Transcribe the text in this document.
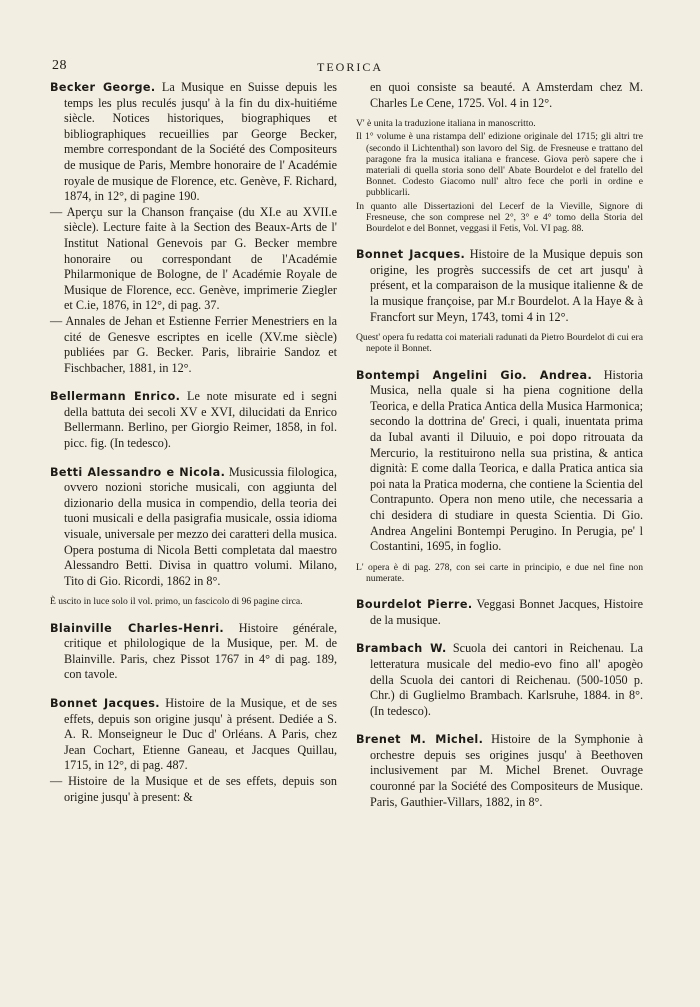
28	TEORICA

Becker George. La Musique en Suisse depuis les temps les plus reculés jusqu' à la fin du dix-huitiéme siècle. Notices historiques, biographiques et bibliographiques recueillies par George Becker, membre correspondant de la Société des Compositeurs de musique de Paris, Membre honoraire de l' Académie royale de musique de Florence, etc. Genève, F. Richard, 1874, in 12°, di pagine 190.

— Aperçu sur la Chanson française (du XI.e au XVII.e siècle). Lecture faite à la Section des Beaux-Arts de l' Institut National Genevois par G. Becker membre honoraire ou correspondant de l'Académie Philarmonique de Bologne, de l' Académie Royale de Musique de Florence, ecc. Genève, imprimerie Ziegler et C.ie, 1876, in 12°, di pag. 37.

— Annales de Jehan et Estienne Ferrier Menestriers en la cité de Genesve escriptes en icelle (XV.me siècle) publiées par G. Becker. Paris, librairie Sandoz et Fischbacher, 1881, in 12°.

Bellermann Enrico. Le note misurate ed i segni della battuta dei secoli XV e XVI, dilucidati da Enrico Bellermann. Berlino, per Giorgio Reimer, 1858, in fol. picc. fig. (In tedesco).

Betti Alessandro e Nicola. Musicussia filologica, ovvero nozioni storiche musicali, con aggiunta del dizionario della musica in compendio, della teoria dei tuoni musicali e della pasigrafia musicale, ossia idioma visuale, universale per mezzo dei caratteri della musica. Opera postuma di Nicola Betti completata dal maestro Alessandro Betti. Divisa in quattro volumi. Milano, Tito di Gio. Ricordi, 1862 in 8°.

È uscito in luce solo il vol. primo, un fascicolo di 96 pagine circa.

Blainville Charles-Henri. Histoire générale, critique et philologique de la Musique, per. M. de Blainville. Paris, chez Pissot 1767 in 4° di pag. 189, con tavole.

Bonnet Jacques. Histoire de la Musique, et de ses effets, depuis son origine jusqu' à présent. Dediée a S. A. R. Monseigneur le Duc d' Orléans. A Paris, chez Jean Cochart, Etienne Ganeau, et Jacques Quillau, 1715, in 12°, di pag. 487.

— Histoire de la Musique et de ses effets, depuis son origine jusqu' à present: &

en quoi consiste sa beauté. A Amsterdam chez M. Charles Le Cene, 1725. Vol. 4 in 12°.

V' è unita la traduzione italiana in manoscritto.

Il 1° volume è una ristampa dell' edizione originale del 1715; gli altri tre (secondo il Lichtenthal) son lavoro del Sig. de Fresneuse e trattano del paragone fra la musica italiana e francese. Giova però sapere che i materiali di quella storia sono dell' Abate Bourdelot e del fratello del Bonnet. Codesto Giacomo null' altro fece che porli in ordine e pubblicarli.

In quanto alle Dissertazioni del Lecerf de la Vieville, Signore di Fresneuse, che son comprese nel 2°, 3° e 4° tomo della Storia del Bourdelot e del Bonnet, veggasi il Fetis, Vol. VI pag. 88.

Bonnet Jacques. Histoire de la Musique depuis son origine, les progrès successifs de cet art jusqu' à présent, et la comparaison de la musique italienne & de la musique françoise, par M.r Bourdelot. A la Haye & à Francfort sur Meyn, 1743, tomi 4 in 12°.

Quest' opera fu redatta coi materiali radunati da Pietro Bourdelot di cui era nepote il Bonnet.

Bontempi Angelini Gio. Andrea. Historia Musica, nella quale si ha piena cognitione della Teorica, e della Pratica Antica della Musica Harmonica; secondo la dottrina de' Greci, i quali, inuentata prima da Iubal avanti il Diluuio, e poi dopo ritrouata da Mercurio, la restituirono nella sua pristina, & antica dignità: E come dalla Teorica, e dalla Pratica antica sia poi nata la Pratica moderna, che contiene la Scientia del Contrapunto. Opera non meno utile, che necessaria a chi desidera di studiare in questa Scientia. Di Gio. Andrea Angelini Bontempi Perugino. In Perugia, pe' l Costantini, 1695, in foglio.

L' opera è di pag. 278, con sei carte in principio, e due nel fine non numerate.

Bourdelot Pierre. Veggasi Bonnet Jacques, Histoire de la musique.

Brambach W. Scuola dei cantori in Reichenau. La letteratura musicale del medio-evo fino all' apogèo della Scuola dei cantori di Reichenau. (500-1050 p. Chr.) di Guglielmo Brambach. Karlsruhe, 1884. in 8°. (In tedesco).

Brenet M. Michel. Histoire de la Symphonie à orchestre depuis ses origines jusqu' à Beethoven inclusivement par M. Michel Brenet. Ouvrage couronné par la Société des Compositeurs de Musique. Paris, Gauthier-Villars, 1882, in 8°.
